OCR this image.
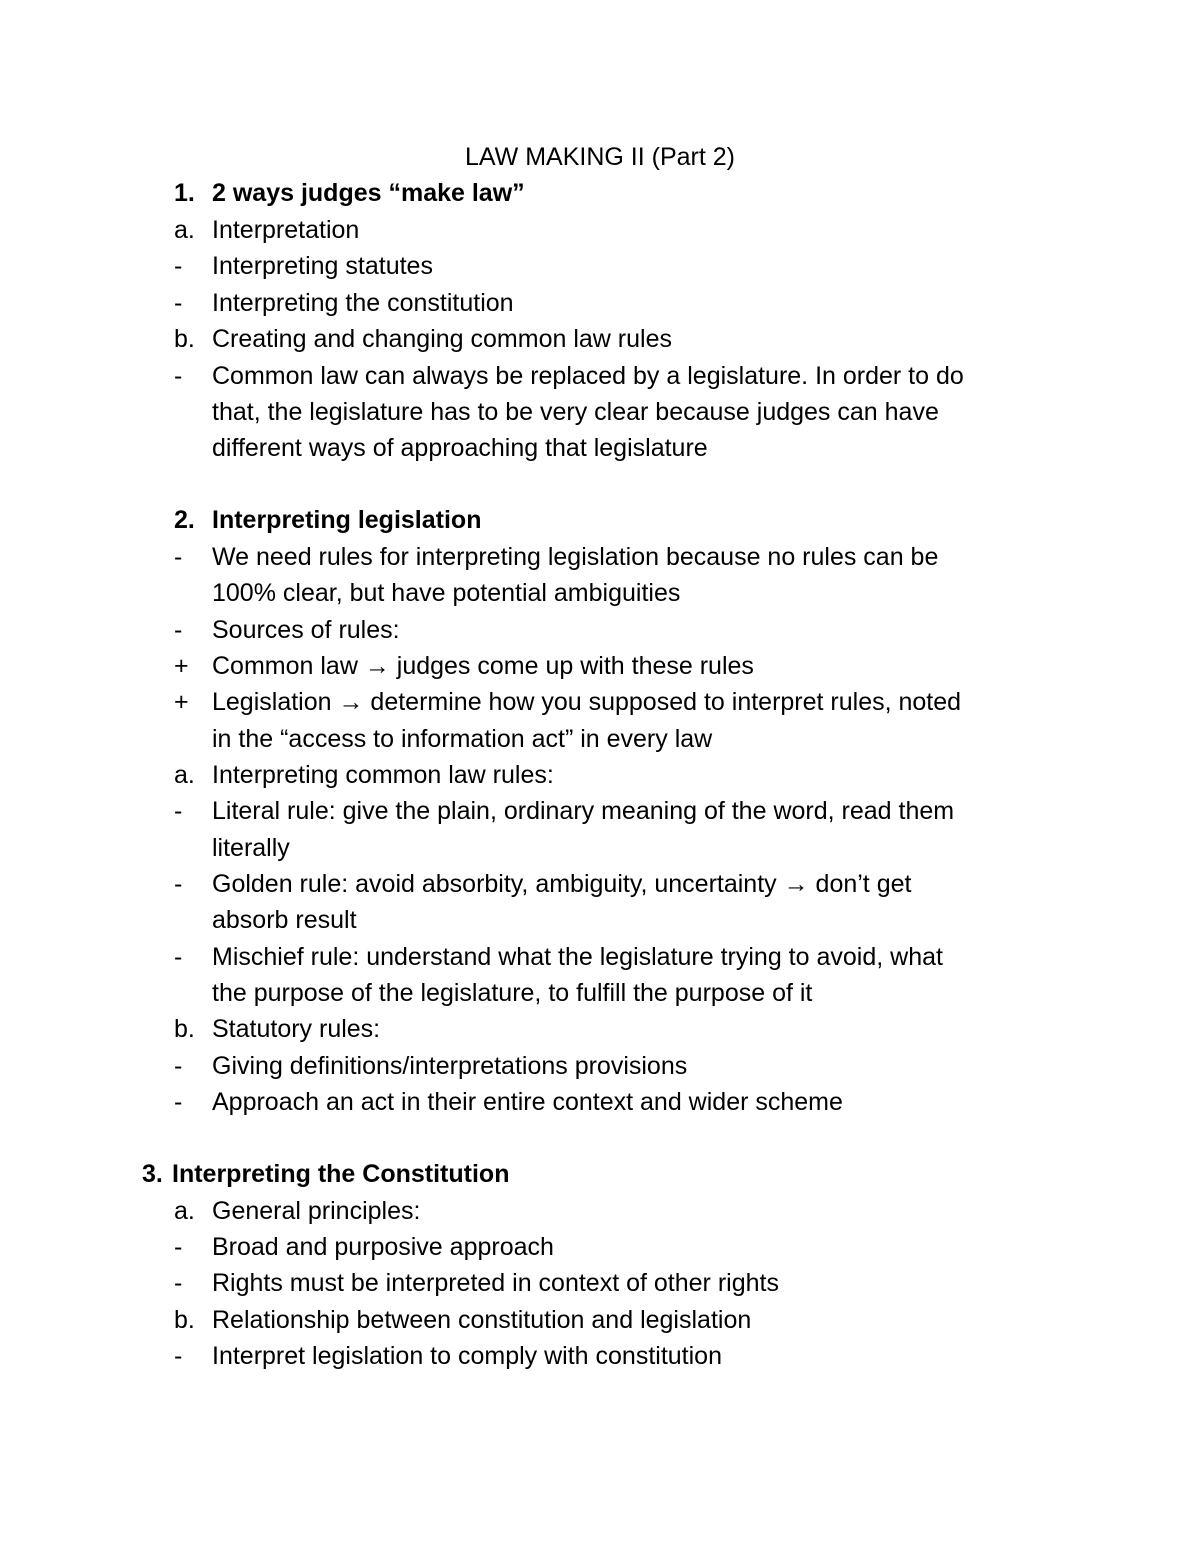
LAW MAKING II (Part 2)
1. 2 ways judges “make law”
a. Interpretation
- Interpreting statutes
- Interpreting the constitution
b. Creating and changing common law rules
- Common law can always be replaced by a legislature. In order to do
that, the legislature has to be very clear because judges can have
different ways of approaching that legislature
2. Interpreting legislation
- We need rules for interpreting legislation because no rules can be
100% clear, but have potential ambiguities
- Sources of rules:
+ Common law → judges come up with these rules
+ Legislation → determine how you supposed to interpret rules, noted
in the “access to information act” in every law
a. Interpreting common law rules:
- Literal rule: give the plain, ordinary meaning of the word, read them
literally
- Golden rule: avoid absorbity, ambiguity, uncertainty → don’t get
absorb result
- Mischief rule: understand what the legislature trying to avoid, what
the purpose of the legislature, to fulfill the purpose of it
b. Statutory rules:
- Giving definitions/interpretations provisions
- Approach an act in their entire context and wider scheme
3. Interpreting the Constitution
a. General principles:
- Broad and purposive approach
- Rights must be interpreted in context of other rights
b. Relationship between constitution and legislation
- Interpret legislation to comply with constitution
